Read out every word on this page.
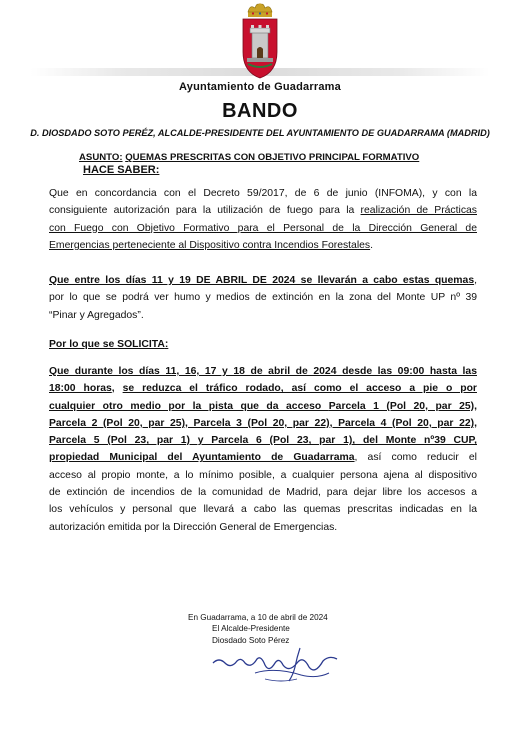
Ayuntamiento de Guadarrama
BANDO
D. DIOSDADO SOTO PERÉZ, ALCALDE-PRESIDENTE DEL AYUNTAMIENTO DE GUADARRAMA (MADRID)
ASUNTO: QUEMAS PRESCRITAS CON OBJETIVO PRINCIPAL FORMATIVO
HACE SABER:
Que en concordancia con el Decreto 59/2017, de 6 de junio (INFOMA), y con la
consiguiente autorización para la utilización de fuego para la realización de Prácticas
con Fuego con Objetivo Formativo para el Personal de la Dirección General de
Emergencias perteneciente al Dispositivo contra Incendios Forestales.
Que entre los días 11 y 19 DE ABRIL DE 2024 se llevarán a cabo estas quemas,
por lo que se podrá ver humo y medios de extinción en la zona del Monte UP nº 39
“Pinar y Agregados”.
Por lo que se SOLICITA:
Que durante los días 11, 16, 17 y 18 de abril de 2024 desde las 09:00 hasta las
18:00 horas, se reduzca el tráfico rodado, así como el acceso a pie o por
cualquier otro medio por la pista que da acceso Parcela 1 (Pol 20, par 25),
Parcela 2 (Pol 20, par 25), Parcela 3 (Pol 20, par 22), Parcela 4 (Pol 20, par 22),
Parcela 5 (Pol 23, par 1) y Parcela 6 (Pol 23, par 1), del Monte nº39 CUP,
propiedad Municipal del Ayuntamiento de Guadarrama, así como reducir el
acceso al propio monte, a lo mínimo posible, a cualquier persona ajena al dispositivo
de extinción de incendios de la comunidad de Madrid, para dejar libre los accesos a
los vehículos y personal que llevará a cabo las quemas prescritas indicadas en la
autorización emitida por la Dirección General de Emergencias.
En Guadarrama, a 10 de abril de 2024
El Alcalde-Presidente
Diosdado Soto Pérez
